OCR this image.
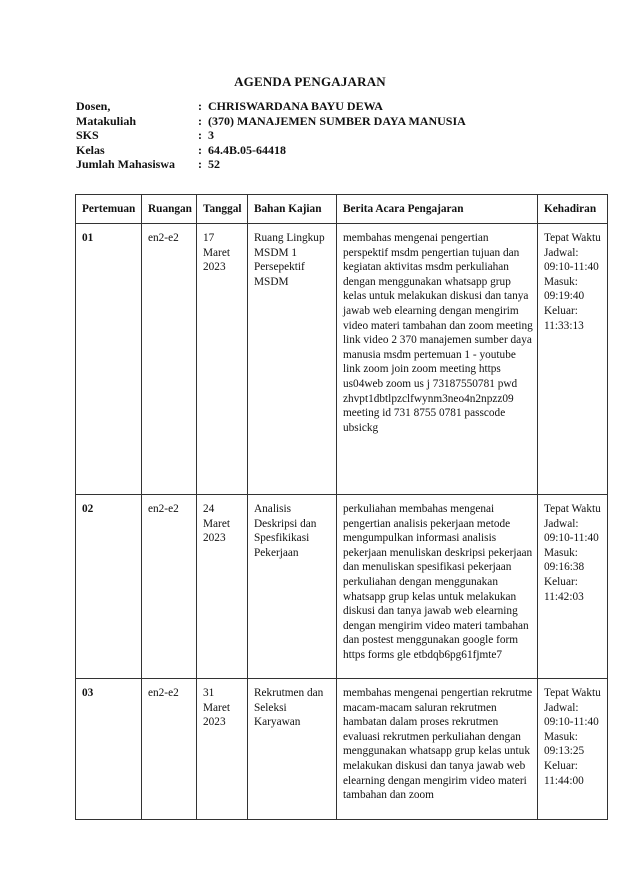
AGENDA PENGAJARAN
Dosen,	:	CHRISWARDANA BAYU DEWA
Matakuliah	:	(370) MANAJEMEN SUMBER DAYA MANUSIA
SKS	:	3
Kelas	:	64.4B.05-64418
Jumlah Mahasiswa	:	52
Pertemuan	Ruangan	Tanggal	Bahan Kajian	Berita Acara Pengajaran	Kehadiran

01	en2-e2	17 Maret 2023	Ruang Lingkup MSDM 1 Persepektif MSDM	membahas mengenai pengertian perspektif msdm pengertian tujuan dan kegiatan aktivitas msdm perkuliahan dengan menggunakan whatsapp grup kelas untuk melakukan diskusi dan tanya jawab web elearning dengan mengirim video materi tambahan dan zoom meeting link video 2 370 manajemen sumber daya manusia msdm pertemuan 1 - youtube link zoom join zoom meeting https us04web zoom us j 73187550781 pwd zhvpt1dbtlpzclfwynm3neo4n2npzz09 meeting id 731 8755 0781 passcode ubsickg	Tepat Waktu Jadwal: 09:10-11:40 Masuk: 09:19:40 Keluar: 11:33:13

02	en2-e2	24 Maret 2023	Analisis Deskripsi dan Spesfikikasi Pekerjaan	perkuliahan membahas mengenai pengertian analisis pekerjaan metode mengumpulkan informasi analisis pekerjaan menuliskan deskripsi pekerjaan dan menuliskan spesifikasi pekerjaan perkuliahan dengan menggunakan whatsapp grup kelas untuk melakukan diskusi dan tanya jawab web elearning dengan mengirim video materi tambahan dan postest menggunakan google form https forms gle etbdqb6pg61fjmte7	Tepat Waktu Jadwal: 09:10-11:40 Masuk: 09:16:38 Keluar: 11:42:03

03	en2-e2	31 Maret 2023	Rekrutmen dan Seleksi Karyawan	membahas mengenai pengertian rekrutme macam-macam saluran rekrutmen hambatan dalam proses rekrutmen evaluasi rekrutmen perkuliahan dengan menggunakan whatsapp grup kelas untuk melakukan diskusi dan tanya jawab web elearning dengan mengirim video materi tambahan dan zoom	Tepat Waktu Jadwal: 09:10-11:40 Masuk: 09:13:25 Keluar: 11:44:00
